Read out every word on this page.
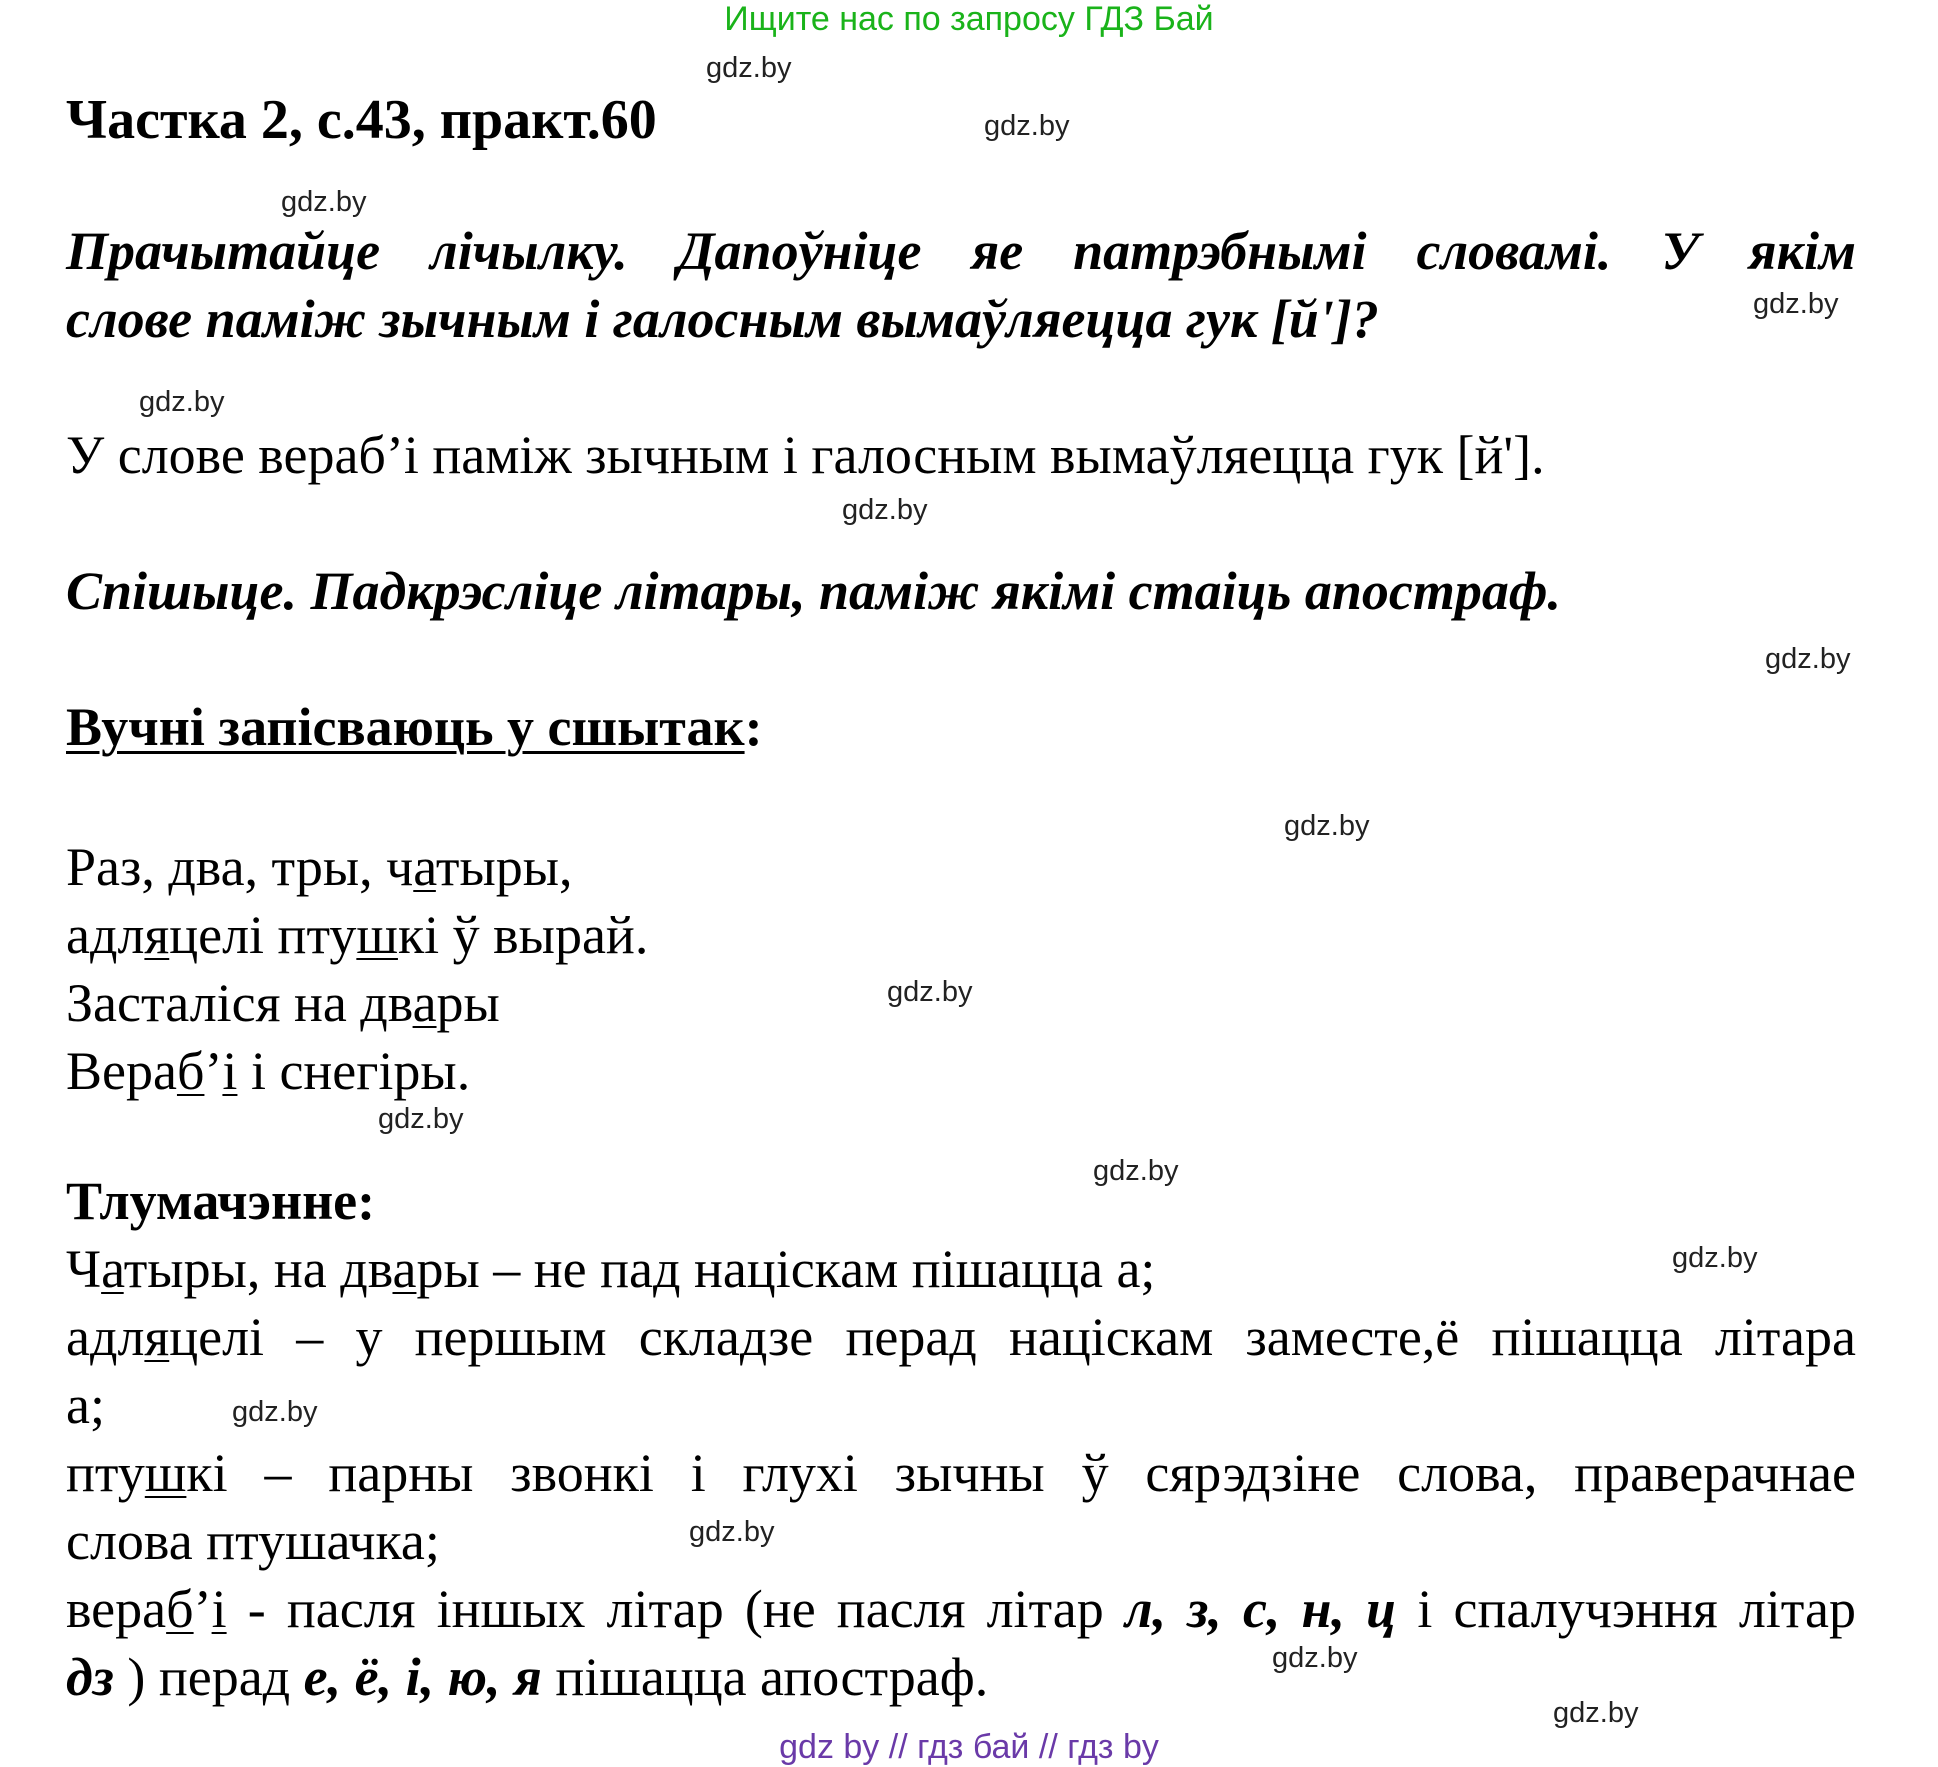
Ищите нас по запросу ГДЗ Бай
gdz.by
gdz.by
gdz.by
gdz.by
gdz.by
gdz.by
gdz.by
gdz.by
gdz.by
gdz.by
gdz.by
gdz.by
gdz.by
gdz.by
gdz.by
gdz.by
Частка 2, с.43, практ.60
Прачытайце лічылку. Дапоўніце яе патрэбнымі словамі. У якім
слове паміж зычным і галосным вымаўляецца гук [й']?
У слове вераб’і паміж зычным і галосным вымаўляецца гук [й'].
Спішыце. Падкрэсліце літары, паміж якімі стаіць апостраф.
Вучні запісваюць у сшытак:
Раз, два, тры, чатыры,
адляцелі птушкі ў вырай.
Засталіся на двары
Вераб’і і снегіры.
Тлумачэнне:
Чатыры, на двары – не пад націскам пішацца а;
адляцелі – у першым складзе перад націскам заместе,ё пішацца літара
а;
птушкі – парны звонкі і глухі зычны ў сярэдзіне слова, праверачнае
слова птушачка;
вераб’і - пасля іншых літар (не пасля літар л, з, с, н, ц і спалучэння літар
дз ) перад е, ё, і, ю, я пішацца апостраф.
gdz by // гдз бай // гдз by
